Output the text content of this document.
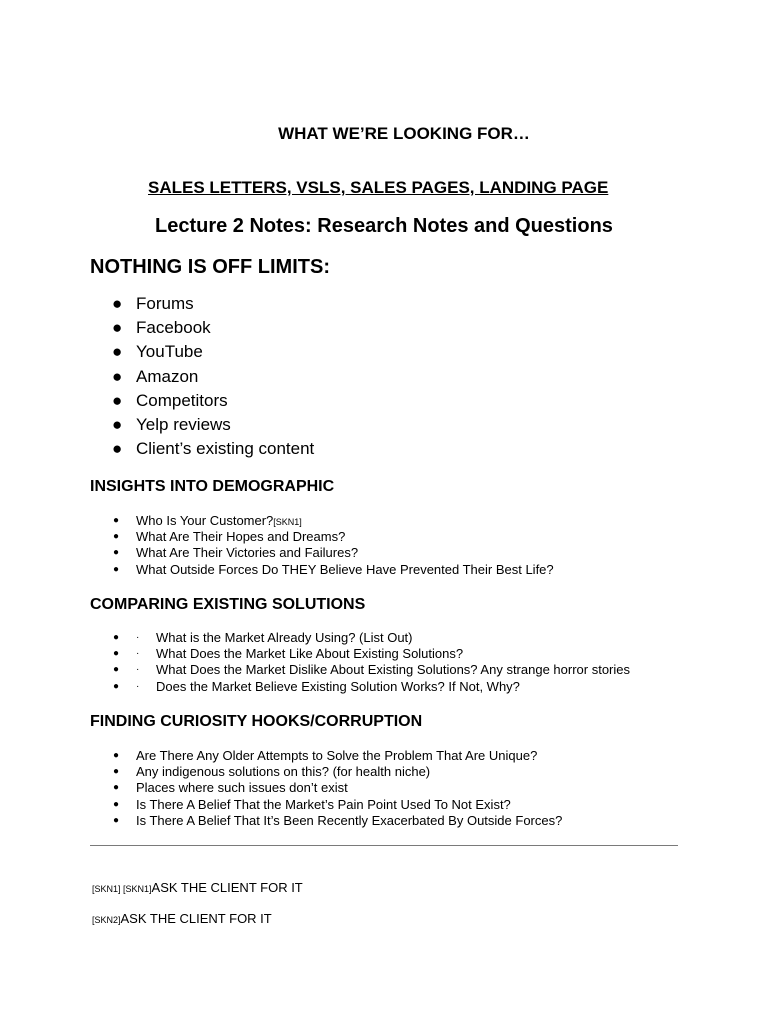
WHAT WE’RE LOOKING FOR…
SALES LETTERS, VSLS, SALES PAGES, LANDING PAGE
Lecture 2 Notes: Research Notes and Questions
NOTHING IS OFF LIMITS:
● Forums
● Facebook
● YouTube
● Amazon
● Competitors
● Yelp reviews
● Client’s existing content
INSIGHTS INTO DEMOGRAPHIC
● Who Is Your Customer?[SKN1]
● What Are Their Hopes and Dreams?
● What Are Their Victories and Failures?
● What Outside Forces Do THEY Believe Have Prevented Their Best Life?
COMPARING EXISTING SOLUTIONS
● · What is the Market Already Using? (List Out)
● · What Does the Market Like About Existing Solutions?
● · What Does the Market Dislike About Existing Solutions? Any strange horror stories
● · Does the Market Believe Existing Solution Works? If Not, Why?
FINDING CURIOSITY HOOKS/CORRUPTION
● Are There Any Older Attempts to Solve the Problem That Are Unique?
● Any indigenous solutions on this? (for health niche)
● Places where such issues don’t exist
● Is There A Belief That the Market’s Pain Point Used To Not Exist?
● Is There A Belief That It’s Been Recently Exacerbated By Outside Forces?
[SKN1] [SKN1]ASK THE CLIENT FOR IT
[SKN2]ASK THE CLIENT FOR IT
